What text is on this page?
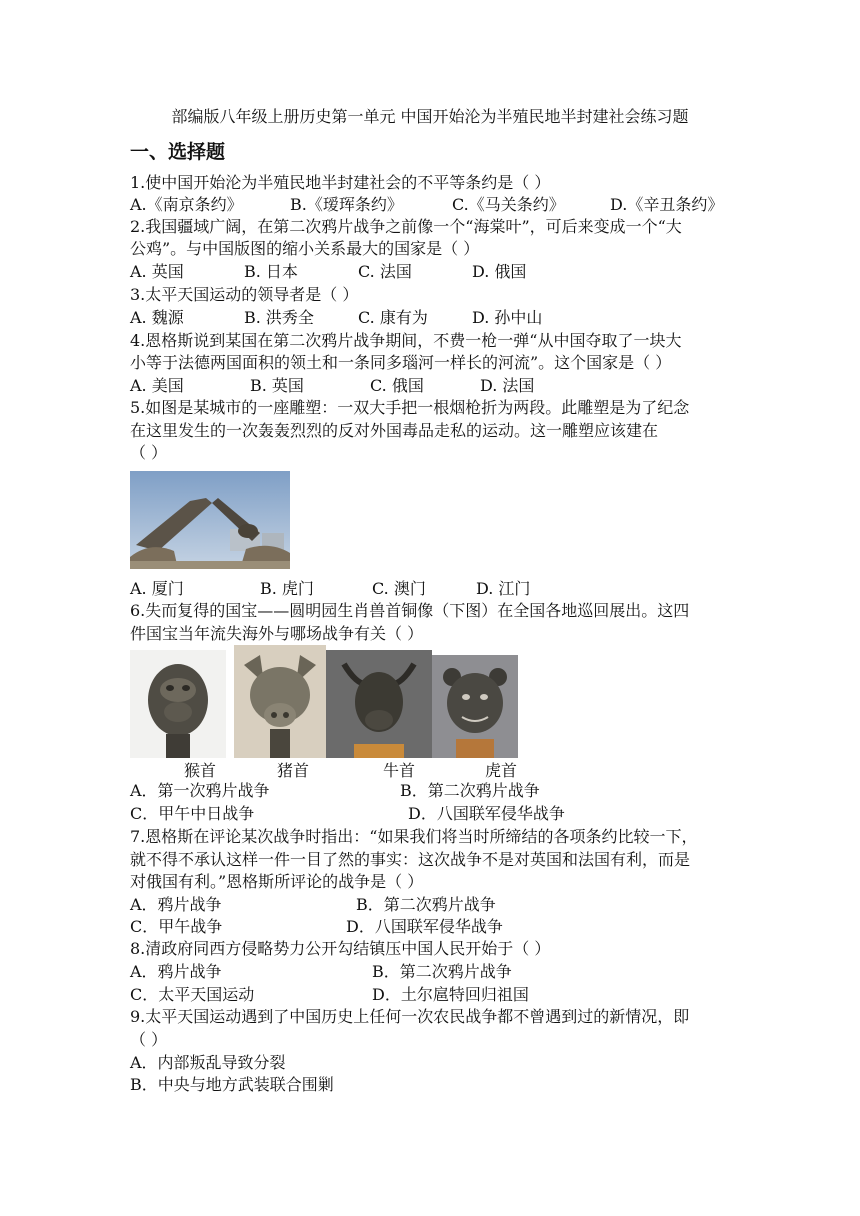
部编版八年级上册历史第一单元 中国开始沦为半殖民地半封建社会练习题
一、选择题
1.使中国开始沦为半殖民地半封建社会的不平等条约是（ ）
A.《南京条约》	B.《瑷珲条约》	C.《马关条约》	D.《辛丑条约》
2.我国疆域广阔，在第二次鸦片战争之前像一个“海棠叶”，可后来变成一个“大
公鸡”。与中国版图的缩小关系最大的国家是（ ）
A. 英国	B. 日本	C. 法国	D. 俄国
3.太平天国运动的领导者是（ ）
A. 魏源	B. 洪秀全	C. 康有为	D. 孙中山
4.恩格斯说到某国在第二次鸦片战争期间，不费一枪一弹“从中国夺取了一块大
小等于法德两国面积的领土和一条同多瑙河一样长的河流”。这个国家是（ ）
A. 美国	B. 英国	C. 俄国	D. 法国
5.如图是某城市的一座雕塑：一双大手把一根烟枪折为两段。此雕塑是为了纪念
在这里发生的一次轰轰烈烈的反对外国毒品走私的运动。这一雕塑应该建在
（ ）
A. 厦门	B. 虎门	C. 澳门	D. 江门
6.失而复得的国宝——圆明园生肖兽首铜像（下图）在全国各地巡回展出。这四
件国宝当年流失海外与哪场战争有关（ ）
猴首	猪首	牛首	虎首
A．第一次鸦片战争	B．第二次鸦片战争
C．甲午中日战争	D．八国联军侵华战争
7.恩格斯在评论某次战争时指出：“如果我们将当时所缔结的各项条约比较一下，
就不得不承认这样一件一目了然的事实：这次战争不是对英国和法国有利，而是
对俄国有利。”恩格斯所评论的战争是（ ）
A．鸦片战争	B．第二次鸦片战争
C．甲午战争	D．八国联军侵华战争
8.清政府同西方侵略势力公开勾结镇压中国人民开始于（ ）
A．鸦片战争	B．第二次鸦片战争
C．太平天国运动	D．土尔扈特回归祖国
9.太平天国运动遇到了中国历史上任何一次农民战争都不曾遇到过的新情况，即
（ ）
A．内部叛乱导致分裂
B．中央与地方武装联合围剿
